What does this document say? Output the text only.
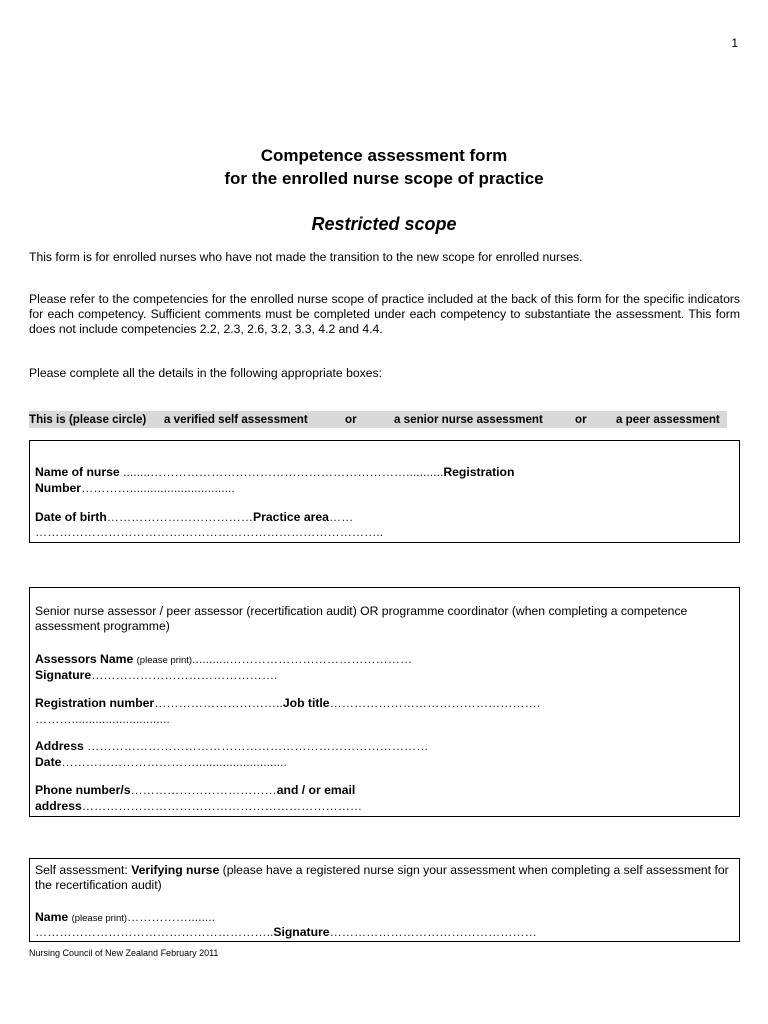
1
Competence assessment form
for the enrolled nurse scope of practice
Restricted scope
This form is for enrolled nurses who have not made the transition to the new scope for enrolled nurses.
Please refer to the competencies for the enrolled nurse scope of practice included at the back of this form for the specific indicators for each competency. Sufficient comments must be completed under each competency to substantiate the assessment. This form does not include competencies 2.2, 2.3, 2.6, 3.2, 3.3, 4.2 and 4.4.
Please complete all the details in the following appropriate boxes:
This is (please circle) a verified self assessment	or	a senior nurse assessment	or	a peer assessment
Name of nurse ........………………………………………………………...........Registration
Number…………...............................
Date of birth………………………………Practice area……
…………………………………………………………………………..
Senior nurse assessor / peer assessor (recertification audit) OR programme coordinator (when completing a competence assessment programme)
Assessors Name (please print)...........………………………………………
Signature……………………………………….
Registration number…………………………..Job title…………………………………………….
……….............................
Address …………………………………………………………………………
Date……………………………...........................
Phone number/s………………………………and / or email
address……………………………………………………………
Self assessment: Verifying nurse (please have a registered nurse sign your assessment when completing a self assessment for the recertification audit)
Name (please print)……………........
…………………………………………………..Signature……………………………………………
Nursing Council of New Zealand February 2011
